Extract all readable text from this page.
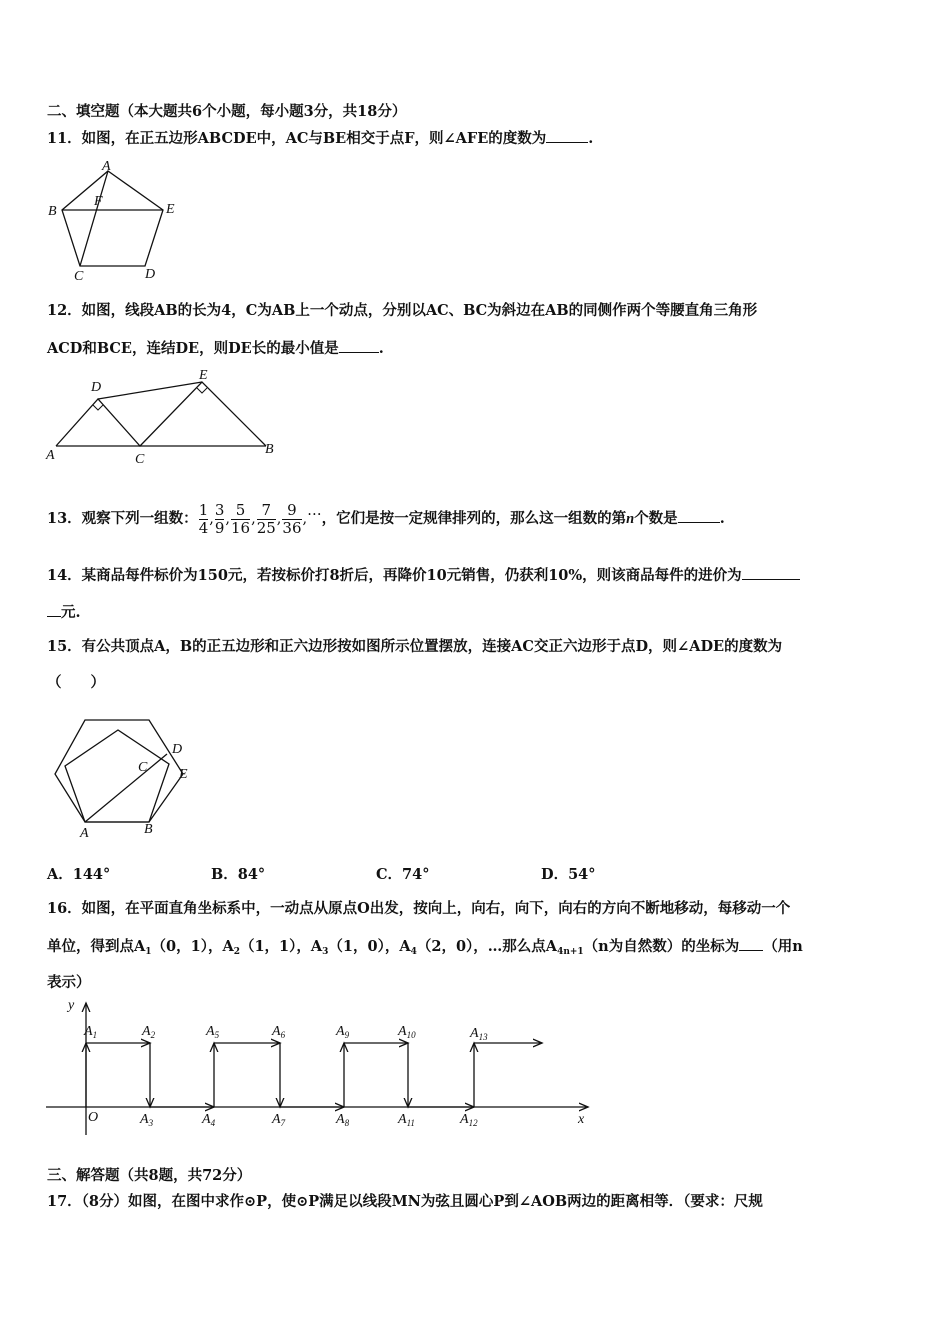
二、填空题（本大题共6个小题，每小题3分，共18分）
11．如图，在正五边形ABCDE中，AC与BE相交于点F，则∠AFE的度数为	.
A
B
F
E
C	D
12．如图，线段AB的长为4，C为AB上一个动点，分别以AC、BC为斜边在AB的同侧作两个等腰直角三角形
ACD和BCE，连结DE，则DE长的最小值是	.
D
E
A	C
B
13．观察下列一组数： $\frac{1}{4}$ , $\frac{3}{9}$ , $\frac{5}{16}$ , $\frac{7}{25}$ , $\frac{9}{36}$ ,…，它们是按一定规律排列的，那么这一组数的第n个数是	.
14．某商品每件标价为150元，若按标价打8折后，再降价10元销售，仍获利10%，则该商品每件的进价为
元.
15．有公共顶点A，B的正五边形和正六边形按如图所示位置摆放，连接AC交正六边形于点D，则∠ADE的度数为
（　　）
D
C E
A	B
A．144°	B．84°	C．74°	D．54°
16．如图，在平面直角坐标系中，一动点从原点O出发，按向上，向右，向下，向右的方向不断地移动，每移动一个
单位，得到点$A_1(0$，1），$A_2(1$，1），$A_3(1$，0），$A_4(2$，0），…那么点$A_{4n+1}(n$为自然数）的坐标为 （用n
表示）
y
x
O
$A_1$	$A_2$	$A_5$	$A_6$	$A_9$	$A_{10}$	$A_{13}$
$A_3$	$A_4$	$A_7$	$A_8$	$A_{11}$	$A_{12}$
三、解答题（共8题，共72分）
17．（8分）如图，在图中求作⊙P，使⊙P满足以线段MN为弦且圆心P到∠AOB两边的距离相等．（要求：尺规
